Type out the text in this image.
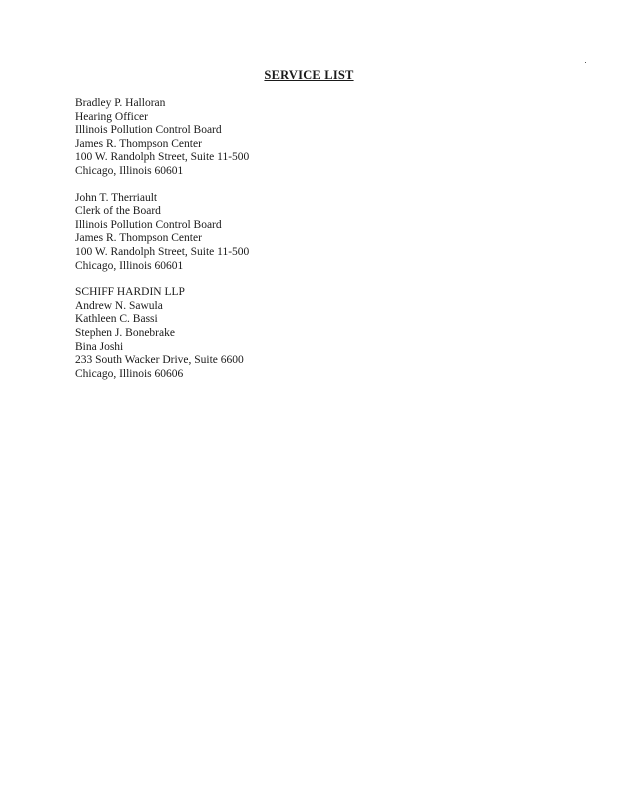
SERVICE LIST
Bradley P. Halloran
Hearing Officer
Illinois Pollution Control Board
James R. Thompson Center
100 W. Randolph Street, Suite 11-500
Chicago, Illinois 60601
John T. Therriault
Clerk of the Board
Illinois Pollution Control Board
James R. Thompson Center
100 W. Randolph Street, Suite 11-500
Chicago, Illinois 60601
SCHIFF HARDIN LLP
Andrew N. Sawula
Kathleen C. Bassi
Stephen J. Bonebrake
Bina Joshi
233 South Wacker Drive, Suite 6600
Chicago, Illinois 60606
